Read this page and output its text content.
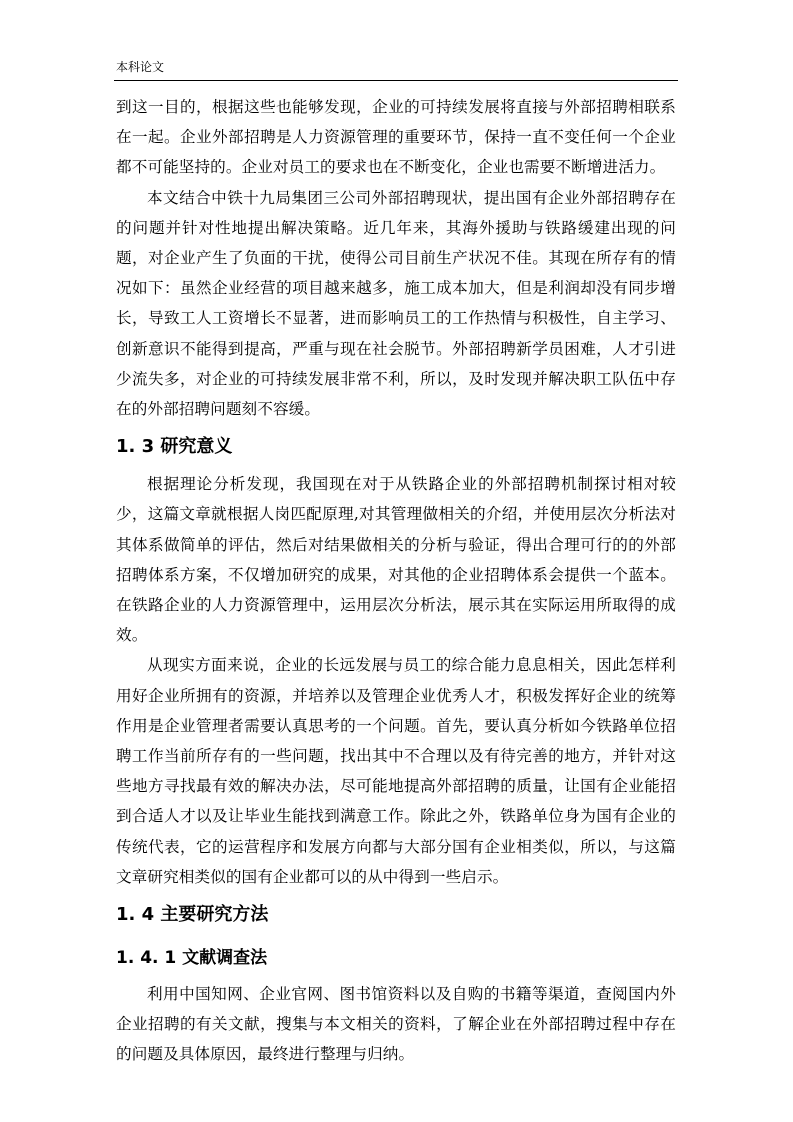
本科论文

到这一目的，根据这些也能够发现，企业的可持续发展将直接与外部招聘相联系在一起。企业外部招聘是人力资源管理的重要环节，保持一直不变任何一个企业都不可能坚持的。企业对员工的要求也在不断变化，企业也需要不断增进活力。

本文结合中铁十九局集团三公司外部招聘现状，提出国有企业外部招聘存在的问题并针对性地提出解决策略。近几年来，其海外援助与铁路缓建出现的问题，对企业产生了负面的干扰，使得公司目前生产状况不佳。其现在所存有的情况如下：虽然企业经营的项目越来越多，施工成本加大，但是利润却没有同步增长，导致工人工资增长不显著，进而影响员工的工作热情与积极性，自主学习、创新意识不能得到提高，严重与现在社会脱节。外部招聘新学员困难，人才引进少流失多，对企业的可持续发展非常不利，所以，及时发现并解决职工队伍中存在的外部招聘问题刻不容缓。

1. 3 研究意义

根据理论分析发现，我国现在对于从铁路企业的外部招聘机制探讨相对较少，这篇文章就根据人岗匹配原理,对其管理做相关的介绍，并使用层次分析法对其体系做简单的评估，然后对结果做相关的分析与验证，得出合理可行的的外部招聘体系方案，不仅增加研究的成果，对其他的企业招聘体系会提供一个蓝本。在铁路企业的人力资源管理中，运用层次分析法，展示其在实际运用所取得的成效。

从现实方面来说，企业的长远发展与员工的综合能力息息相关，因此怎样利用好企业所拥有的资源，并培养以及管理企业优秀人才，积极发挥好企业的统筹作用是企业管理者需要认真思考的一个问题。首先，要认真分析如今铁路单位招聘工作当前所存有的一些问题，找出其中不合理以及有待完善的地方，并针对这些地方寻找最有效的解决办法，尽可能地提高外部招聘的质量，让国有企业能招到合适人才以及让毕业生能找到满意工作。除此之外，铁路单位身为国有企业的传统代表，它的运营程序和发展方向都与大部分国有企业相类似，所以，与这篇文章研究相类似的国有企业都可以的从中得到一些启示。

1. 4 主要研究方法
1. 4. 1 文献调查法

利用中国知网、企业官网、图书馆资料以及自购的书籍等渠道，查阅国内外企业招聘的有关文献，搜集与本文相关的资料，了解企业在外部招聘过程中存在的问题及具体原因，最终进行整理与归纳。
